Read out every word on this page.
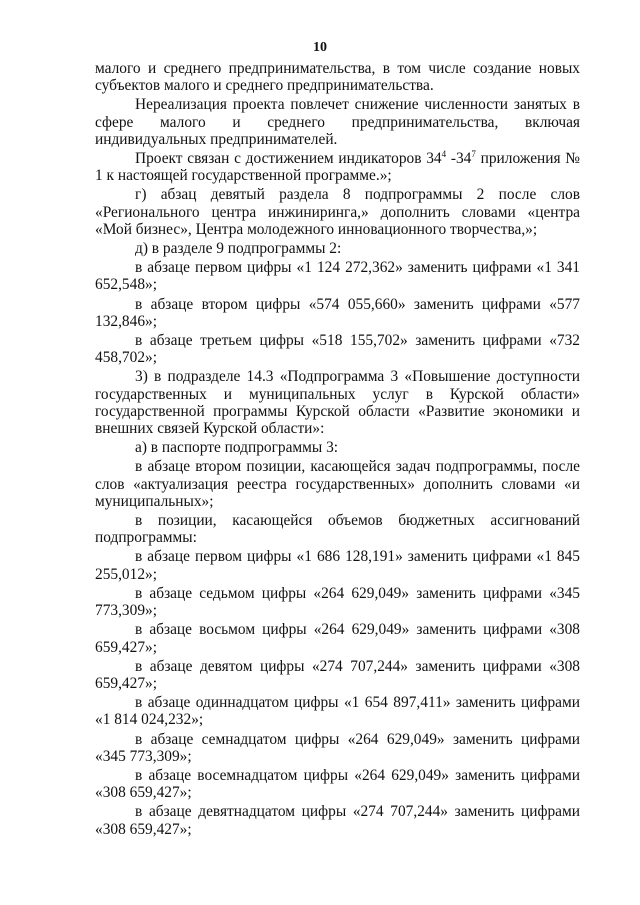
10

малого и среднего предпринимательства, в том числе создание новых субъектов малого и среднего предпринимательства.

Нереализация проекта повлечет снижение численности занятых в сфере малого и среднего предпринимательства, включая индивидуальных предпринимателей.

Проект связан с достижением индикаторов $34^4$ $-34^7$ приложения № 1 к настоящей государственной программе.»;

г) абзац девятый раздела 8 подпрограммы 2 после слов «Регионального центра инжиниринга,» дополнить словами «центра «Мой бизнес», Центра молодежного инновационного творчества,»;

д) в разделе 9 подпрограммы 2:

в абзаце первом цифры «1 124 272,362» заменить цифрами «1 341 652,548»;

в абзаце втором цифры «574 055,660» заменить цифрами «577 132,846»;

в абзаце третьем цифры «518 155,702» заменить цифрами «732 458,702»;

3) в подразделе 14.3 «Подпрограмма 3 «Повышение доступности государственных и муниципальных услуг в Курской области» государственной программы Курской области «Развитие экономики и внешних связей Курской области»:

а) в паспорте подпрограммы 3:

в абзаце втором позиции, касающейся задач подпрограммы, после слов «актуализация реестра государственных» дополнить словами «и муниципальных»;

в позиции, касающейся объемов бюджетных ассигнований подпрограммы:

в абзаце первом цифры «1 686 128,191» заменить цифрами «1 845 255,012»;

в абзаце седьмом цифры «264 629,049» заменить цифрами «345 773,309»;

в абзаце восьмом цифры «264 629,049» заменить цифрами «308 659,427»;

в абзаце девятом цифры «274 707,244» заменить цифрами «308 659,427»;

в абзаце одиннадцатом цифры «1 654 897,411» заменить цифрами «1 814 024,232»;

в абзаце семнадцатом цифры «264 629,049» заменить цифрами «345 773,309»;

в абзаце восемнадцатом цифры «264 629,049» заменить цифрами «308 659,427»;

в абзаце девятнадцатом цифры «274 707,244» заменить цифрами «308 659,427»;
